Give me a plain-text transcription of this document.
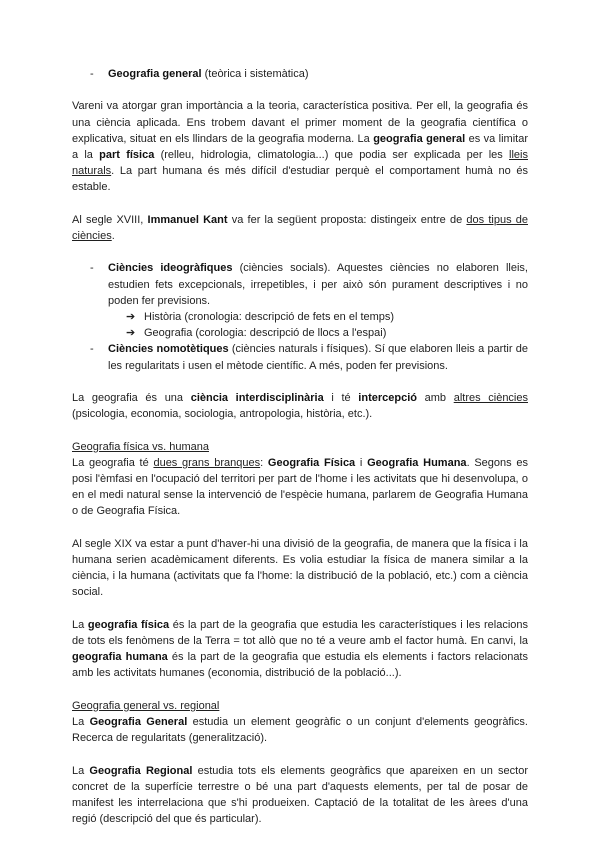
- Geografia general (teòrica i sistemàtica)

Vareni va atorgar gran importància a la teoria, característica positiva. Per ell, la geografia és una ciència aplicada. Ens trobem davant el primer moment de la geografia científica o explicativa, situat en els llindars de la geografia moderna. La geografia general es va limitar a la part física (relleu, hidrologia, climatologia...) que podia ser explicada per les lleis naturals. La part humana és més difícil d'estudiar perquè el comportament humà no és estable.

Al segle XVIII, Immanuel Kant va fer la següent proposta: distingeix entre de dos tipus de ciències.

- Ciències ideogràfiques (ciències socials). Aquestes ciències no elaboren lleis, estudien fets excepcionals, irrepetibles, i per això són purament descriptives i no poden fer previsions.

➔ Història (cronologia: descripció de fets en el temps)

➔ Geografia (corologia: descripció de llocs a l'espai)

- Ciències nomotètiques (ciències naturals i físiques). Sí que elaboren lleis a partir de les regularitats i usen el mètode científic. A més, poden fer previsions.

La geografia és una ciència interdisciplinària i té intercepció amb altres ciències (psicologia, economia, sociologia, antropologia, història, etc.).

Geografia física vs. humana

La geografia té dues grans branques: Geografia Física i Geografia Humana. Segons es posi l'èmfasi en l'ocupació del territori per part de l'home i les activitats que hi desenvolupa, o en el medi natural sense la intervenció de l'espècie humana, parlarem de Geografia Humana o de Geografia Física.

Al segle XIX va estar a punt d'haver-hi una divisió de la geografia, de manera que la física i la humana serien acadèmicament diferents. Es volia estudiar la física de manera similar a la ciència, i la humana (activitats que fa l'home: la distribució de la població, etc.) com a ciència social.

La geografia física és la part de la geografia que estudia les característiques i les relacions de tots els fenòmens de la Terra = tot allò que no té a veure amb el factor humà. En canvi, la geografia humana és la part de la geografia que estudia els elements i factors relacionats amb les activitats humanes (economia, distribució de la població...).

Geografia general vs. regional

La Geografia General estudia un element geogràfic o un conjunt d'elements geogràfics. Recerca de regularitats (generalització).

La Geografia Regional estudia tots els elements geogràfics que apareixen en un sector concret de la superfície terrestre o bé una part d'aquests elements, per tal de posar de manifest les interrelaciona que s'hi produeixen. Captació de la totalitat de les àrees d'una regió (descripció del que és particular).
